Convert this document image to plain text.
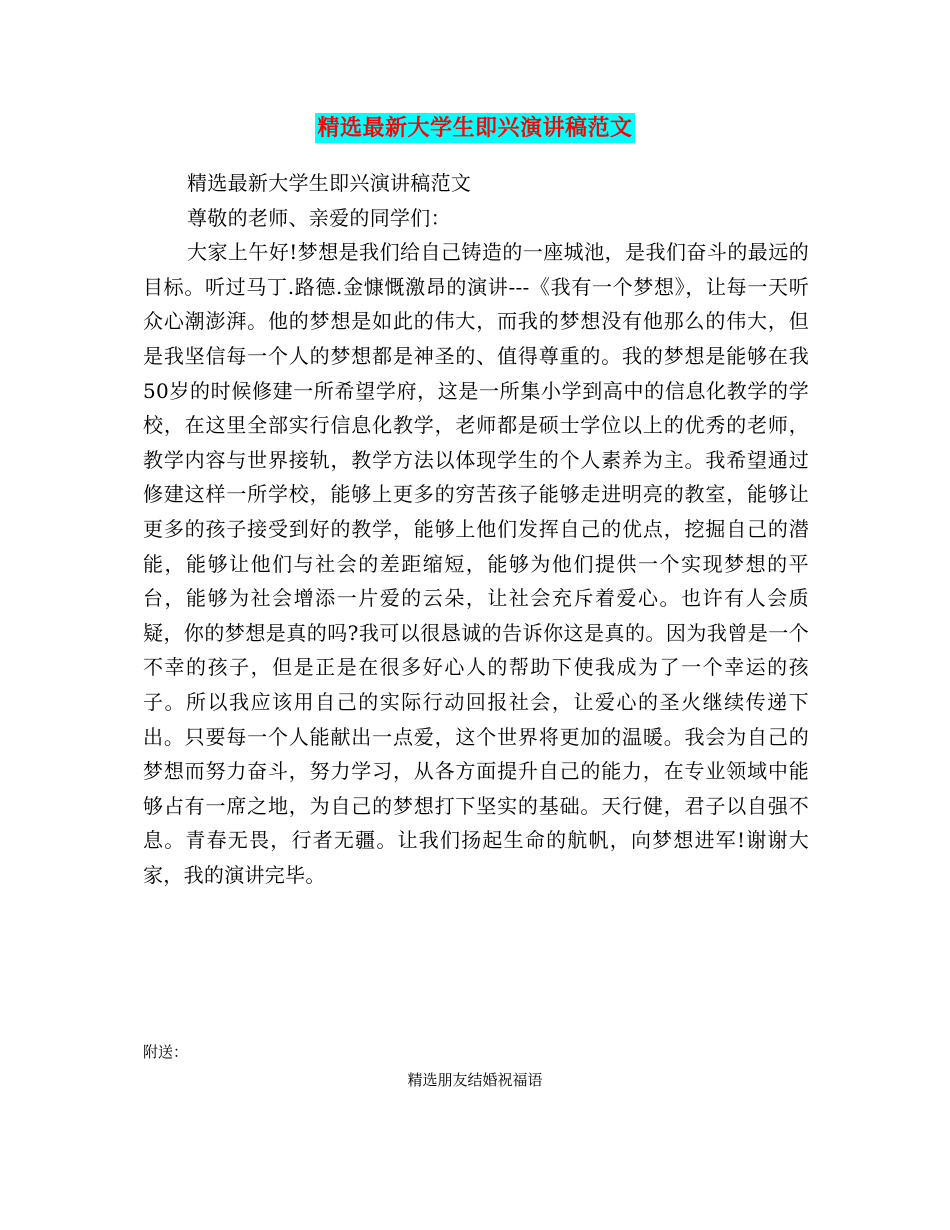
精选最新大学生即兴演讲稿范文

精选最新大学生即兴演讲稿范文

尊敬的老师、亲爱的同学们：

大家上午好!梦想是我们给自己铸造的一座城池，是我们奋斗的最远的目标。听过马丁.路德.金慷慨激昂的演讲---《我有一个梦想》，让每一天听众心潮澎湃。他的梦想是如此的伟大，而我的梦想没有他那么的伟大，但是我坚信每一个人的梦想都是神圣的、值得尊重的。我的梦想是能够在我50岁的时候修建一所希望学府，这是一所集小学到高中的信息化教学的学校，在这里全部实行信息化教学，老师都是硕士学位以上的优秀的老师，教学内容与世界接轨，教学方法以体现学生的个人素养为主。我希望通过修建这样一所学校，能够上更多的穷苦孩子能够走进明亮的教室，能够让更多的孩子接受到好的教学，能够上他们发挥自己的优点，挖掘自己的潜能，能够让他们与社会的差距缩短，能够为他们提供一个实现梦想的平台，能够为社会增添一片爱的云朵，让社会充斥着爱心。也许有人会质疑，你的梦想是真的吗?我可以很恳诚的告诉你这是真的。因为我曾是一个不幸的孩子，但是正是在很多好心人的帮助下使我成为了一个幸运的孩子。所以我应该用自己的实际行动回报社会，让爱心的圣火继续传递下出。只要每一个人能献出一点爱，这个世界将更加的温暖。我会为自己的梦想而努力奋斗，努力学习，从各方面提升自己的能力，在专业领域中能够占有一席之地，为自己的梦想打下坚实的基础。天行健，君子以自强不息。青春无畏，行者无疆。让我们扬起生命的航帆，向梦想进军!谢谢大家，我的演讲完毕。

附送：
精选朋友结婚祝福语
